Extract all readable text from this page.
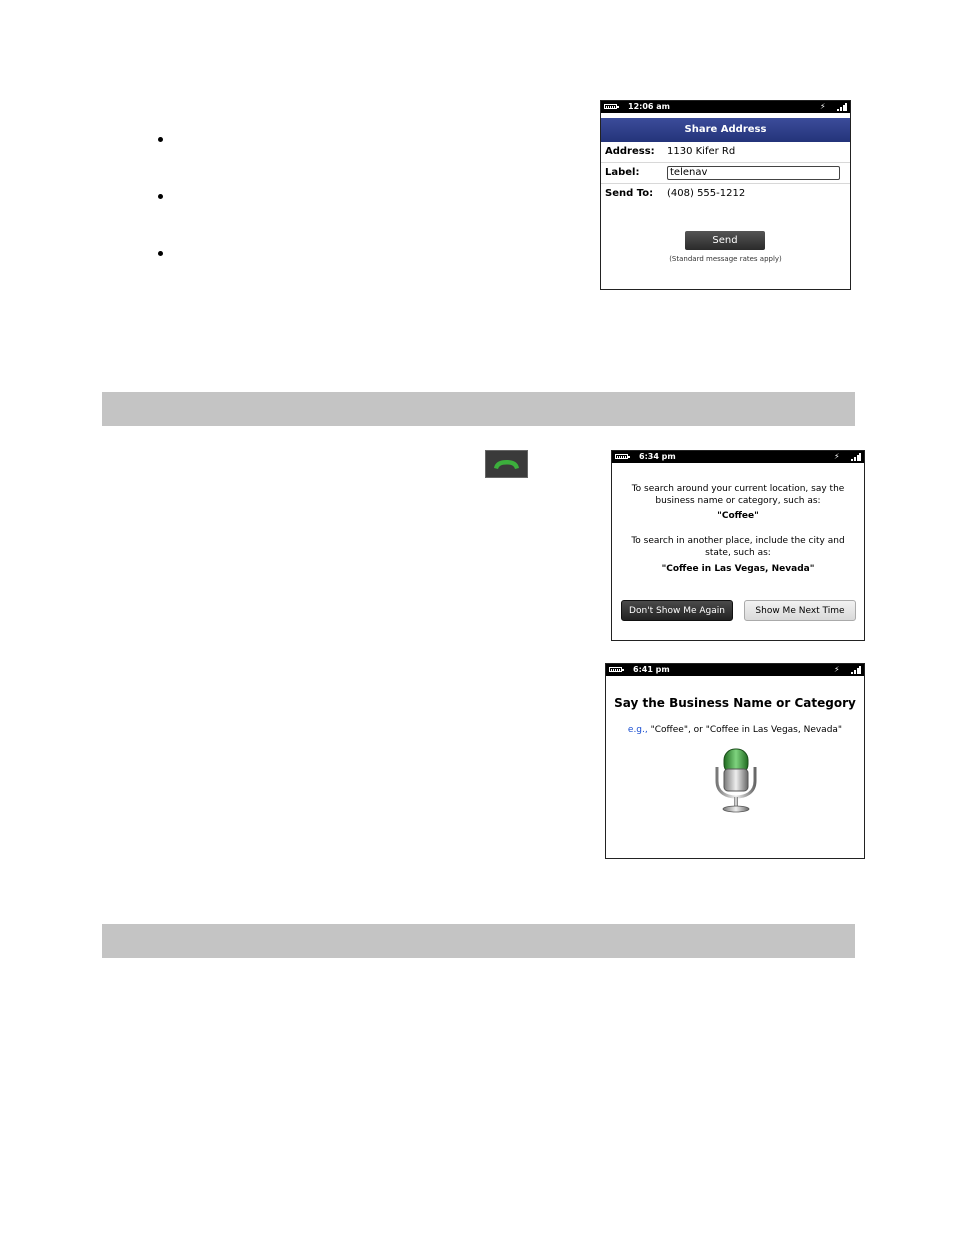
12:06 am	⚡
Share Address
Address: 1130 Kifer Rd
Label:	telenav
Send To: (408) 555-1212
Send
(Standard message rates apply)
6:34 pm	⚡
To search around your current location, say the business name or category, such as:
"Coffee"
To search in another place, include the city and state, such as:
"Coffee in Las Vegas, Nevada"
Don't Show Me Again	Show Me Next Time
6:41 pm	⚡
Say the Business Name or Category
e.g., "Coffee", or "Coffee in Las Vegas, Nevada"
